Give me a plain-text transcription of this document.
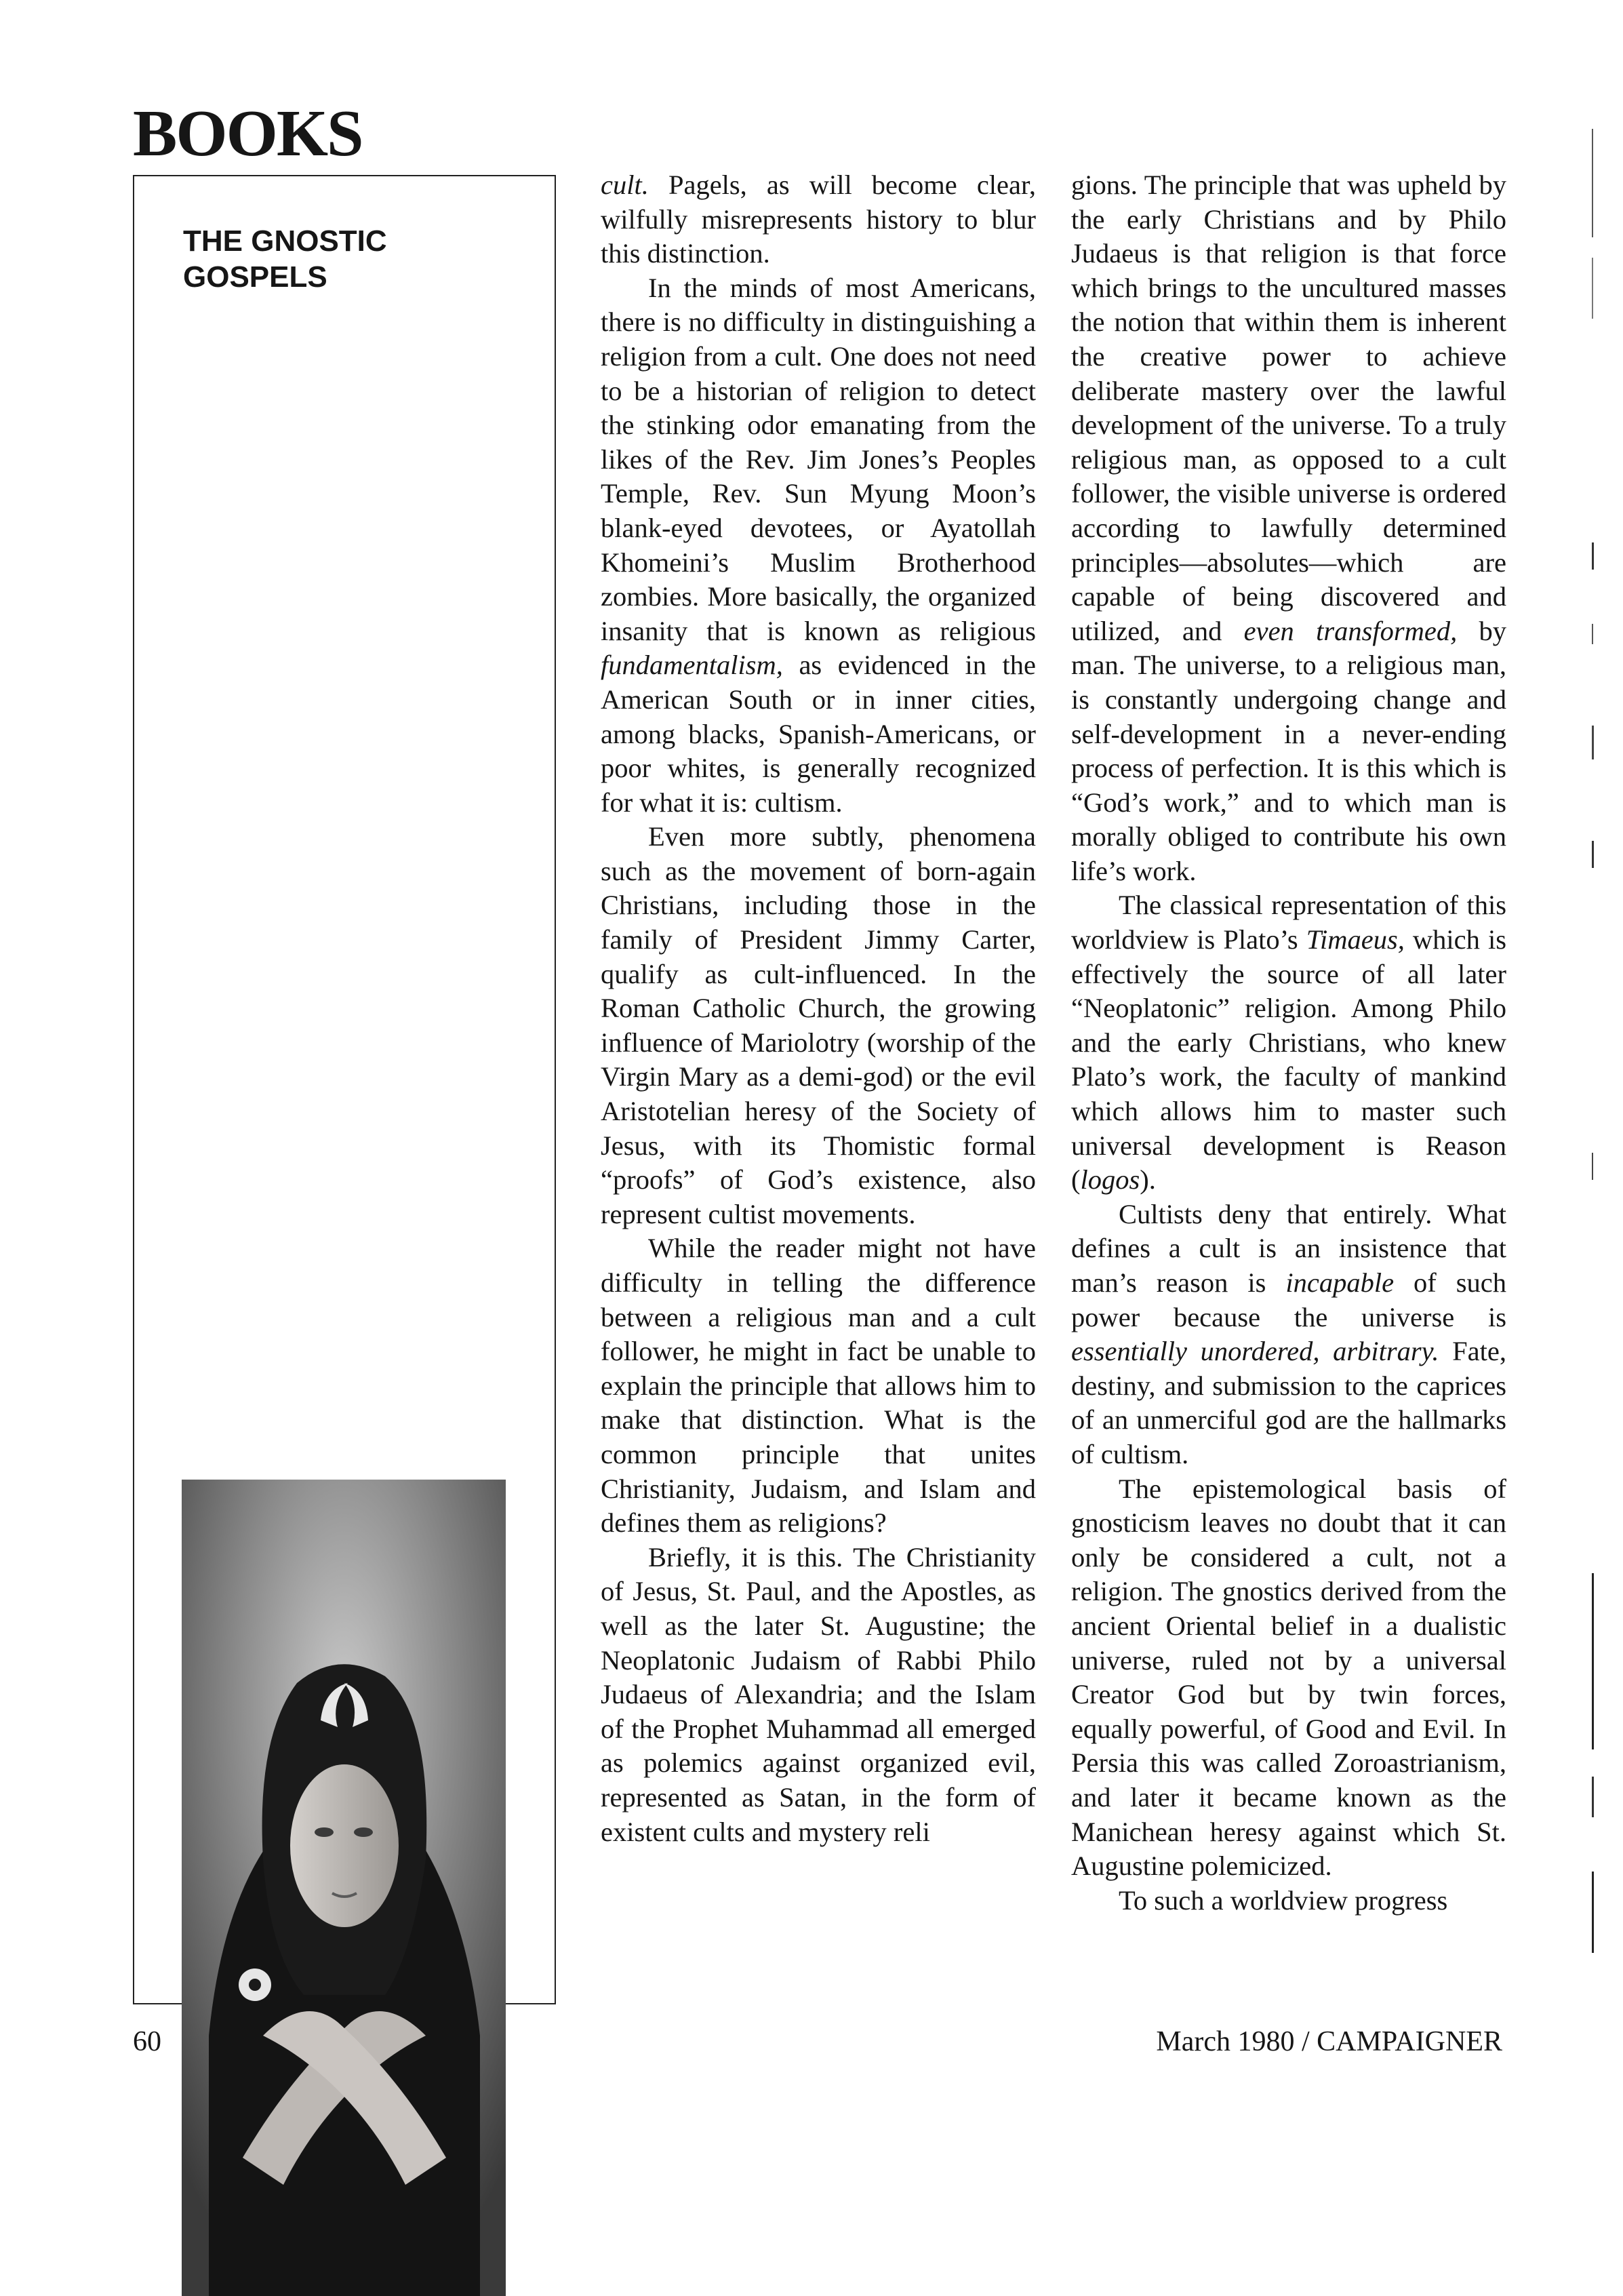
BOOKS
THE GNOSTIC
GOSPELS

cult. Pagels, as will become clear, wilfully misrepresents history to blur this distinction.

In the minds of most Americans, there is no difficulty in distinguishing a religion from a cult. One does not need to be a historian of religion to detect the stinking odor emanating from the likes of the Rev. Jim Jones’s Peoples Temple, Rev. Sun Myung Moon’s blank-eyed devotees, or Ayatollah Khomeini’s Muslim Brotherhood zombies. More basically, the organized insanity that is known as religious fundamentalism, as evidenced in the American South or in inner cities, among blacks, Spanish-Americans, or poor whites, is generally recognized for what it is: cultism.

Even more subtly, phenomena such as the movement of born-again Christians, including those in the family of President Jimmy Carter, qualify as cult-influenced. In the Roman Catholic Church, the growing influence of Mariolotry (worship of the Virgin Mary as a demi-god) or the evil Aristotelian heresy of the Society of Jesus, with its Thomistic formal “proofs” of God’s existence, also represent cultist movements.

While the reader might not have difficulty in telling the difference between a religious man and a cult follower, he might in fact be unable to explain the principle that allows him to make that distinction. What is the common principle that unites Christianity, Judaism, and Islam and defines them as religions?

Briefly, it is this. The Christianity of Jesus, St. Paul, and the Apostles, as well as the later St. Augustine; the Neoplatonic Judaism of Rabbi Philo Judaeus of Alexandria; and the Islam of the Prophet Muhammad all emerged as polemics against organized evil, represented as Satan, in the form of existent cults and mystery reli

gions. The principle that was upheld by the early Christians and by Philo Judaeus is that religion is that force which brings to the uncultured masses the notion that within them is inherent the creative power to achieve deliberate mastery over the lawful development of the universe. To a truly religious man, as opposed to a cult follower, the visible universe is ordered according to lawfully determined principles—absolutes—which are capable of being discovered and utilized, and even transformed, by man. The universe, to a religious man, is constantly undergoing change and self-development in a never-ending process of perfection. It is this which is “God’s work,” and to which man is morally obliged to contribute his own life’s work.

The classical representation of this worldview is Plato’s Timaeus, which is effectively the source of all later “Neoplatonic” religion. Among Philo and the early Christians, who knew Plato’s work, the faculty of mankind which allows him to master such universal development is Reason (logos).

Cultists deny that entirely. What defines a cult is an insistence that man’s reason is incapable of such power because the universe is essentially unordered, arbitrary. Fate, destiny, and submission to the caprices of an unmerciful god are the hallmarks of cultism.

The epistemological basis of gnosticism leaves no doubt that it can only be considered a cult, not a religion. The gnostics derived from the ancient Oriental belief in a dualistic universe, ruled not by a universal Creator God but by twin forces, equally powerful, of Good and Evil. In Persia this was called Zoroastrianism, and later it became known as the Manichean heresy against which St. Augustine polemicized.

To such a worldview progress

60	March 1980 / CAMPAIGNER
